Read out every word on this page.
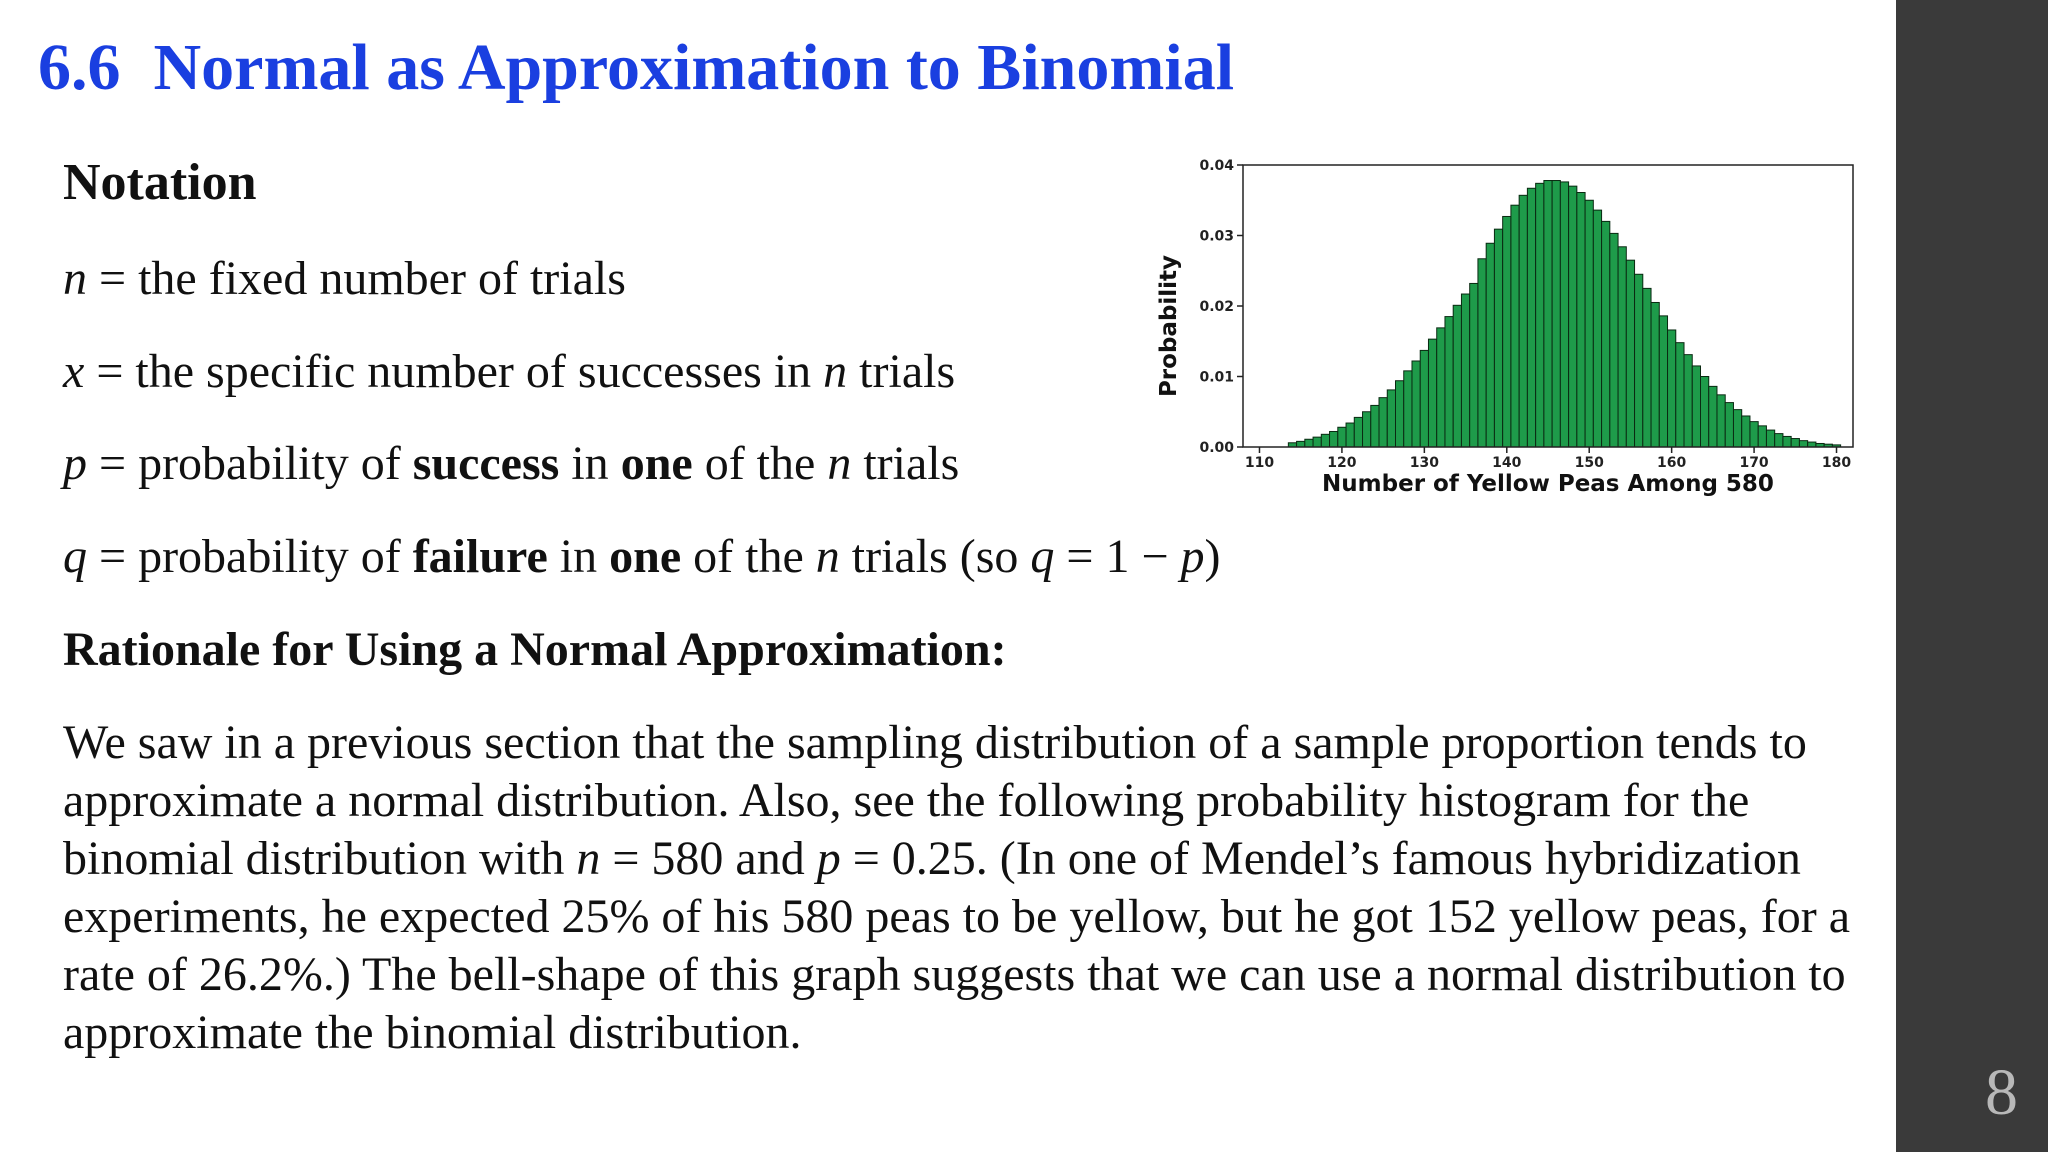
6.6  Normal as Approximation to Binomial
Notation
n = the fixed number of trials
x = the specific number of successes in n trials
p = probability of success in one of the n trials
q = probability of failure in one of the n trials (so q = 1 − p)
Rationale for Using a Normal Approximation:
We saw in a previous section that the sampling distribution of a sample proportion tends to approximate a normal distribution. Also, see the following probability histogram for the binomial distribution with n = 580 and p = 0.25. (In one of Mendel’s famous hybridization experiments, he expected 25% of his 580 peas to be yellow, but he got 152 yellow peas, for a rate of 26.2%.) The bell-shape of this graph suggests that we can use a normal distribution to approximate the binomial distribution.
0.00
0.01
0.02
0.03
0.04
110	120	130	140	150	160	170	180
Number of Yellow Peas Among 580
Probability
8
